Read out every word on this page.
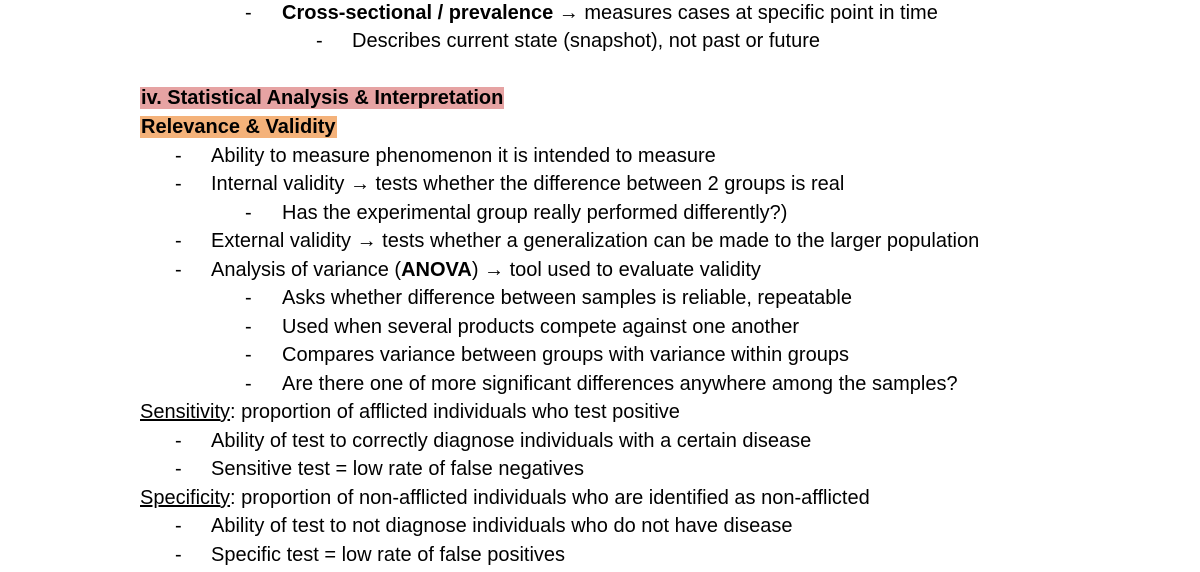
- Cross-sectional / prevalence → measures cases at specific point in time
- Describes current state (snapshot), not past or future
iv. Statistical Analysis & Interpretation
Relevance & Validity
- Ability to measure phenomenon it is intended to measure
- Internal validity → tests whether the difference between 2 groups is real
- Has the experimental group really performed differently?)
- External validity → tests whether a generalization can be made to the larger population
- Analysis of variance (ANOVA) → tool used to evaluate validity
- Asks whether difference between samples is reliable, repeatable
- Used when several products compete against one another
- Compares variance between groups with variance within groups
- Are there one of more significant differences anywhere among the samples?
Sensitivity: proportion of afflicted individuals who test positive
- Ability of test to correctly diagnose individuals with a certain disease
- Sensitive test = low rate of false negatives
Specificity: proportion of non-afflicted individuals who are identified as non-afflicted
- Ability of test to not diagnose individuals who do not have disease
- Specific test = low rate of false positives
